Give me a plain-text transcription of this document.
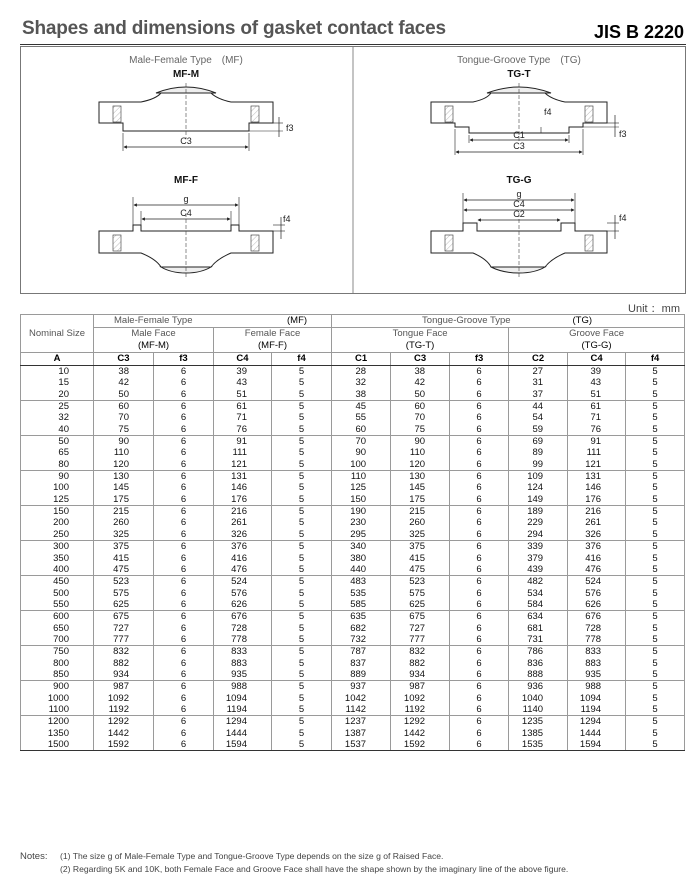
Shapes and dimensions of gasket contact faces	JIS B 2220
Male-Female Type　(MF)	Tongue-Groove Type　(TG)
MF-M
C3
f3
MF-F
g
C4
f4
TG-T
C1
C3
f3
f4
TG-G
g
C4
C2	f4
Unit ：mm
Nominal Size	Male-Female Type (MF)				Tongue-Groove Type (TG)					

	Male Face		Female Face		Tongue Face			Groove Face		
	(MF-M)		(MF-F)		(TG-T)			(TG-G)		
A	C3	f3	C4	f4	C1	C3	f3	C2	C4	f4
10	38	6	39	5	28	38	6	27	39	5
15	42	6	43	5	32	42	6	31	43	5
20	50	6	51	5	38	50	6	37	51	5
25	60	6	61	5	45	60	6	44	61	5
32	70	6	71	5	55	70	6	54	71	5
40	75	6	76	5	60	75	6	59	76	5
50	90	6	91	5	70	90	6	69	91	5
65	110	6	111	5	90	110	6	89	111	5
80	120	6	121	5	100	120	6	99	121	5
90	130	6	131	5	110	130	6	109	131	5
100	145	6	146	5	125	145	6	124	146	5
125	175	6	176	5	150	175	6	149	176	5
150	215	6	216	5	190	215	6	189	216	5
200	260	6	261	5	230	260	6	229	261	5
250	325	6	326	5	295	325	6	294	326	5
300	375	6	376	5	340	375	6	339	376	5
350	415	6	416	5	380	415	6	379	416	5
400	475	6	476	5	440	475	6	439	476	5
450	523	6	524	5	483	523	6	482	524	5
500	575	6	576	5	535	575	6	534	576	5
550	625	6	626	5	585	625	6	584	626	5
600	675	6	676	5	635	675	6	634	676	5
650	727	6	728	5	682	727	6	681	728	5
700	777	6	778	5	732	777	6	731	778	5
750	832	6	833	5	787	832	6	786	833	5
800	882	6	883	5	837	882	6	836	883	5
850	934	6	935	5	889	934	6	888	935	5
900	987	6	988	5	937	987	6	936	988	5
1000	1092	6	1094	5	1042	1092	6	1040	1094	5
1100	1192	6	1194	5	1142	1192	6	1140	1194	5
1200	1292	6	1294	5	1237	1292	6	1235	1294	5
1350	1442	6	1444	5	1387	1442	6	1385	1444	5
1500	1592	6	1594	5	1537	1592	6	1535	1594	5
Notes: (1) The size g of Male-Female Type and Tongue-Groove Type depends on the size g of Raised Face.
(2) Regarding 5K and 10K, both Female Face and Groove Face shall have the shape shown by the imaginary line of the above figure.
